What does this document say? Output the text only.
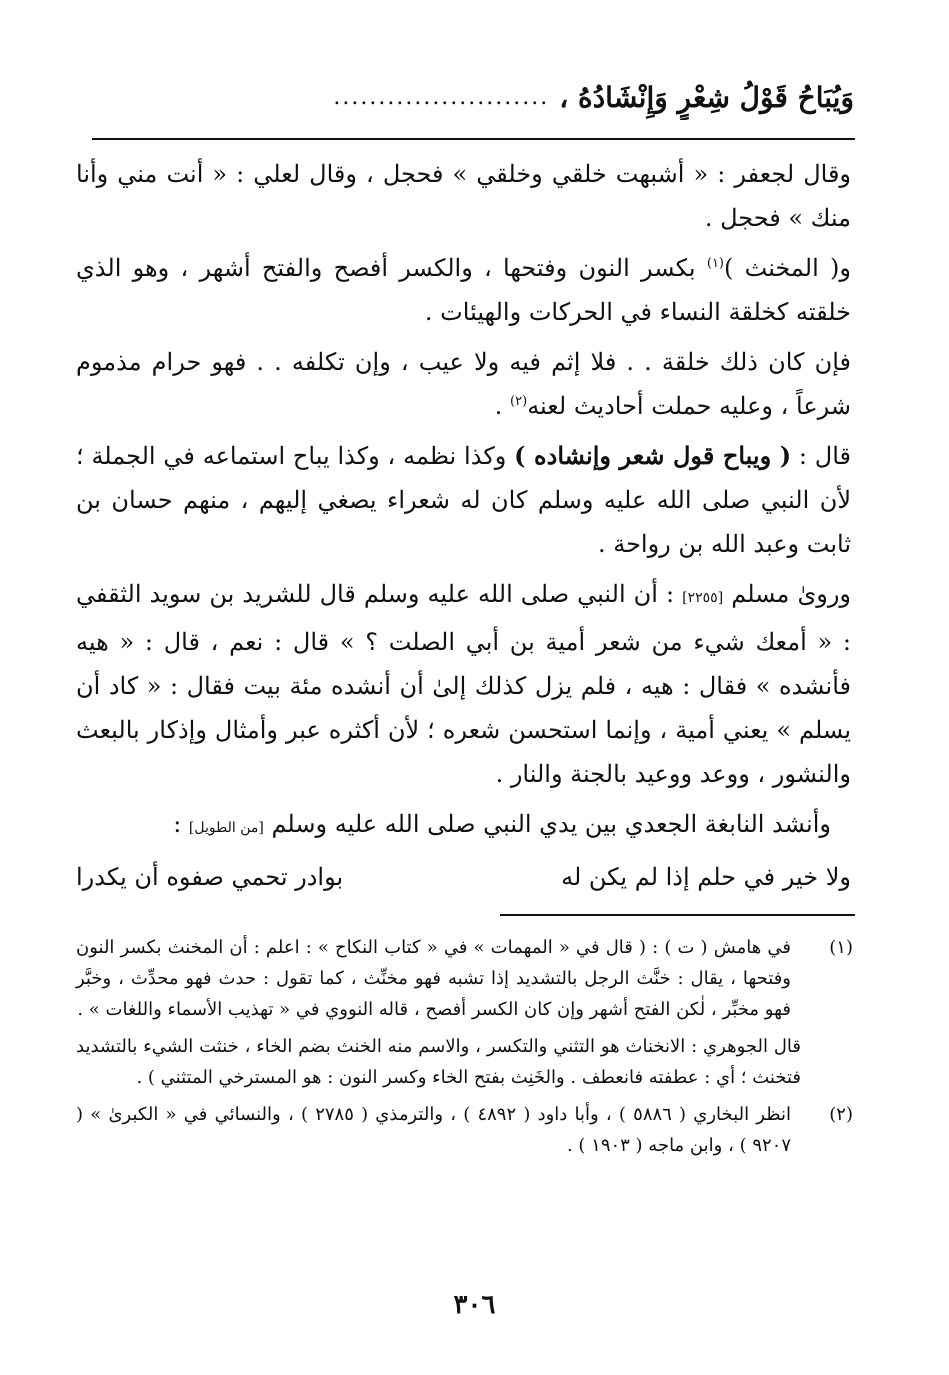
وَيُبَاحُ قَوْلُ شِعْرٍ وَإِنْشَادُهُ ،
........................

وقال لجعفر : « أشبهت خلقي وخلقي » فحجل ، وقال لعلي : « أنت مني وأنا منك » فحجل .

و( المخنث )$^{(١)}$ بكسر النون وفتحها ، والكسر أفصح والفتح أشهر ، وهو الذي خلقته كخلقة النساء في الحركات والهيئات .

فإن كان ذلك خلقة . . فلا إثم فيه ولا عيب ، وإن تكلفه . . فهو حرام مذموم شرعاً ، وعليه حملت أحاديث لعنه$^{(٢)}$ .

قال : ( ويباح قول شعر وإنشاده ) وكذا نظمه ، وكذا يباح استماعه في الجملة ؛ لأن النبي صلى الله عليه وسلم كان له شعراء يصغي إليهم ، منهم حسان بن ثابت وعبد الله بن رواحة .

وروىٰ مسلم [٢٢٥٥] : أن النبي صلى الله عليه وسلم قال للشريد بن سويد الثقفي : « أمعك شيء من شعر أمية بن أبي الصلت ؟ » قال : نعم ، قال : « هيه فأنشده » فقال : هيه ، فلم يزل كذلك إلىٰ أن أنشده مئة بيت فقال : « كاد أن يسلم » يعني أمية ، وإنما استحسن شعره ؛ لأن أكثره عبر وأمثال وإذكار بالبعث والنشور ، ووعد ووعيد بالجنة والنار .

وأنشد النابغة الجعدي بين يدي النبي صلى الله عليه وسلم [من الطويل] :

ولا خير في حلم إذا لم يكن له
بوادر تحمي صفوه أن يكدرا
(١)
في هامش ( ت ) : ( قال في « المهمات » في « كتاب النكاح » : اعلم : أن المخنث بكسر النون وفتحها ، يقال : خنَّث الرجل بالتشديد إذا تشبه فهو مخنِّث ، كما تقول : حدث فهو محدِّث ، وخبَّر فهو مخبِّر ، لٰكن الفتح أشهر وإن كان الكسر أفصح ، قاله النووي في « تهذيب الأسماء واللغات » .
قال الجوهري : الانخناث هو التثني والتكسر ، والاسم منه الخنث بضم الخاء ، خنثت الشيء بالتشديد فتخنث ؛ أي : عطفته فانعطف . والخَنِث بفتح الخاء وكسر النون : هو المسترخي المتثني ) .
(٢)
انظر البخاري ( ٥٨٨٦ ) ، وأبا داود ( ٤٨٩٢ ) ، والترمذي ( ٢٧٨٥ ) ، والنسائي في « الكبرىٰ » ( ٩٢٠٧ ) ، وابن ماجه ( ١٩٠٣ ) .
٣٠٦
